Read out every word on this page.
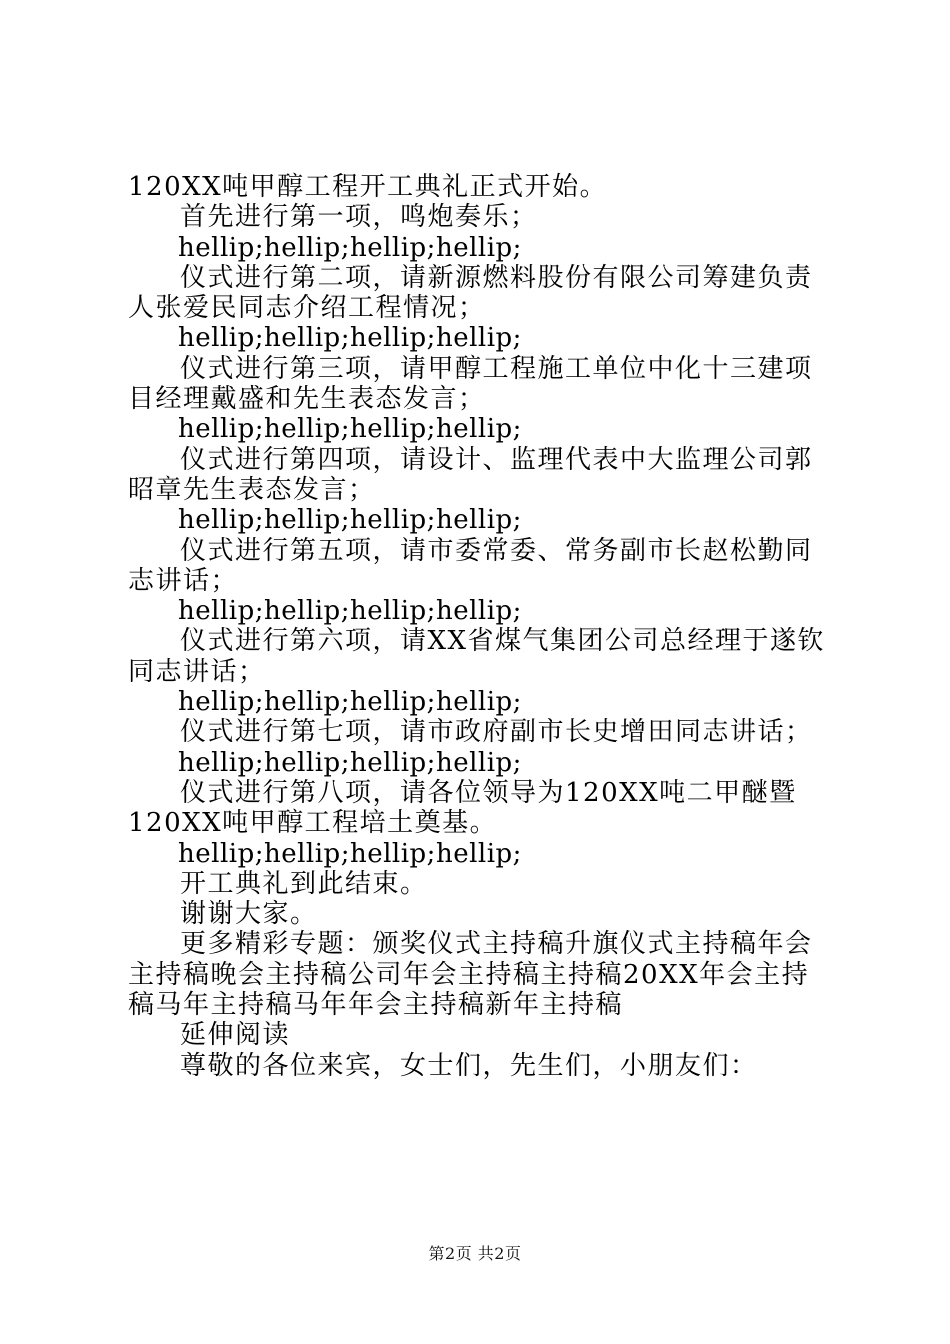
120XX吨甲醇工程开工典礼正式开始。

首先进行第一项，鸣炮奏乐；

hellip;hellip;hellip;hellip;

仪式进行第二项，请新源燃料股份有限公司筹建负责人张爱民同志介绍工程情况；

hellip;hellip;hellip;hellip;

仪式进行第三项，请甲醇工程施工单位中化十三建项目经理戴盛和先生表态发言；

hellip;hellip;hellip;hellip;

仪式进行第四项，请设计、监理代表中大监理公司郭昭章先生表态发言；

hellip;hellip;hellip;hellip;

仪式进行第五项，请市委常委、常务副市长赵松勤同志讲话；

hellip;hellip;hellip;hellip;

仪式进行第六项，请XX省煤气集团公司总经理于遂钦同志讲话；

hellip;hellip;hellip;hellip;

仪式进行第七项，请市政府副市长史增田同志讲话；

hellip;hellip;hellip;hellip;

仪式进行第八项，请各位领导为120XX吨二甲醚暨120XX吨甲醇工程培土奠基。

hellip;hellip;hellip;hellip;

开工典礼到此结束。

谢谢大家。

更多精彩专题：颁奖仪式主持稿升旗仪式主持稿年会主持稿晚会主持稿公司年会主持稿主持稿20XX年会主持稿马年主持稿马年年会主持稿新年主持稿

延伸阅读

尊敬的各位来宾，女士们，先生们，小朋友们：

第2页 共2页
